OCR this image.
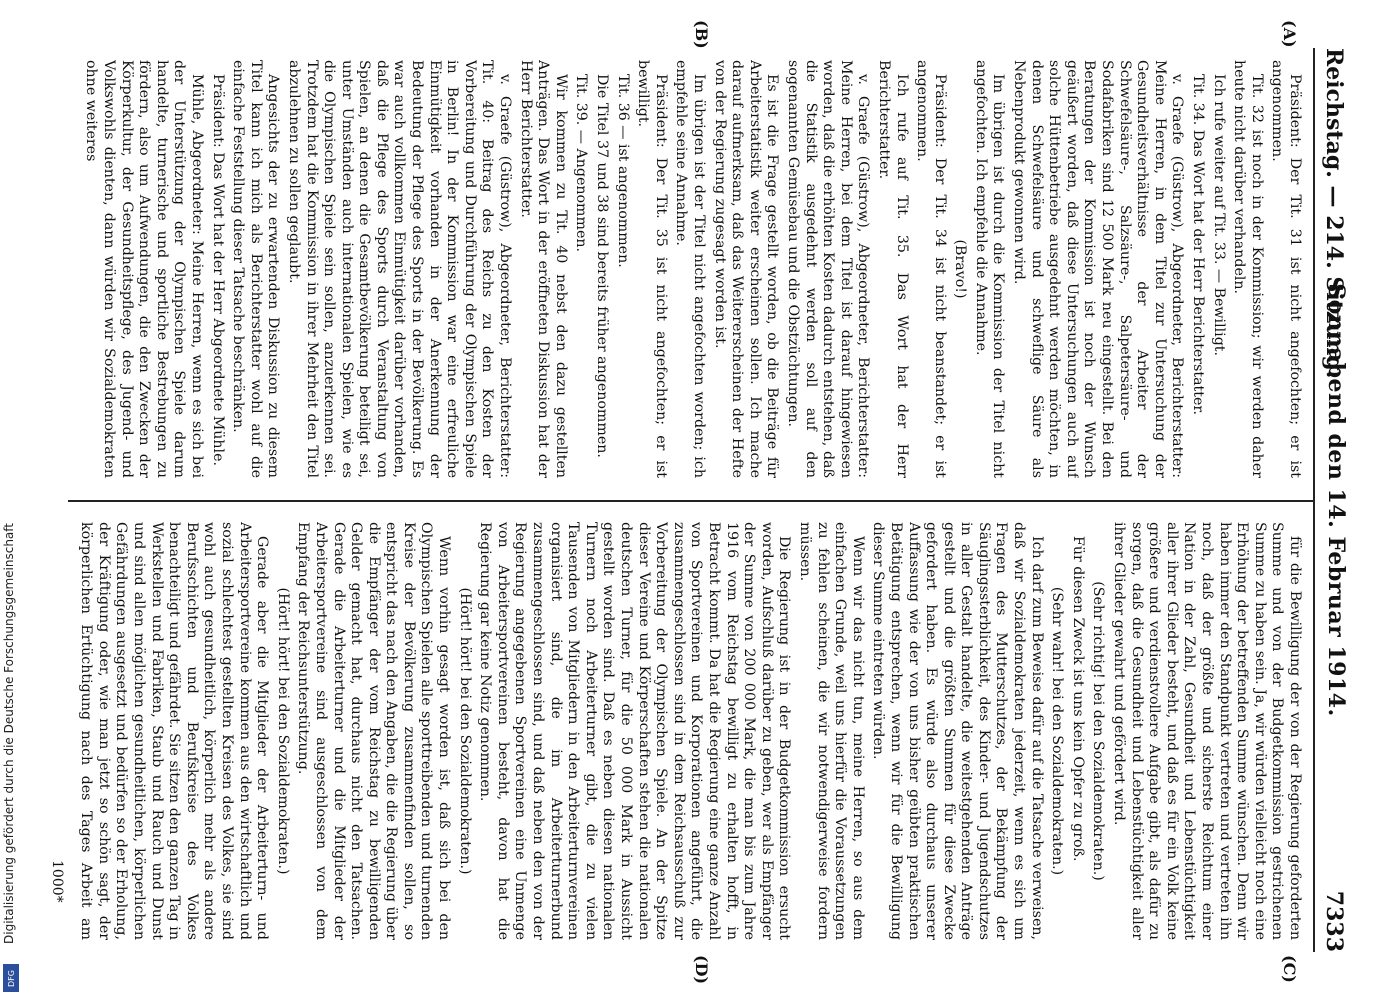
Reichstag. — 214. Sitzung.
Sonnabend den 14. Februar 1914.
7333
(A)
(B)
(C)
(D)

Präsident: Der Tit. 31 ist nicht angefochten; er ist angenommen.

Tit. 32 ist noch in der Kommission; wir werden daher heute nicht darüber verhandeln.

Ich rufe weiter auf Tit. 33. — Bewilligt.

Tit. 34. Das Wort hat der Herr Berichterstatter.

v. Graefe (Güstrow), Abgeordneter, Berichterstatter: Meine Herren, in dem Titel zur Untersuchung der Gesundheitsverhältnisse der Arbeiter der Schwefelsäure-, Salzsäure-, Salpetersäure- und Sodafabriken sind 12 500 Mark neu eingestellt. Bei den Beratungen der Kommission ist noch der Wunsch geäußert worden, daß diese Untersuchungen auch auf solche Hüttenbetriebe ausgedehnt werden möchten, in denen Schwefelsäure und schweflige Säure als Nebenprodukt gewonnen wird.

Im übrigen ist durch die Kommission der Titel nicht angefochten. Ich empfehle die Annahme.

(Bravo!)

Präsident: Der Tit. 34 ist nicht beanstandet; er ist angenommen.

Ich rufe auf Tit. 35. Das Wort hat der Herr Berichterstatter.

v. Graefe (Güstrow), Abgeordneter, Berichterstatter: Meine Herren, bei dem Titel ist darauf hingewiesen worden, daß die erhöhten Kosten dadurch entstehen, daß die Statistik ausgedehnt werden soll auf den sogenannten Gemüsebau und die Obstzüchtungen.

Es ist die Frage gestellt worden, ob die Beiträge für Arbeiterstatistik weiter erscheinen sollen. Ich mache darauf aufmerksam, daß das Weitererscheinen der Hefte von der Regierung zugesagt worden ist.

Im übrigen ist der Titel nicht angefochten worden; ich empfehle seine Annahme.

Präsident: Der Tit. 35 ist nicht angefochten; er ist bewilligt.

Tit. 36 — ist angenommen.

Die Titel 37 und 38 sind bereits früher angenommen.

Tit. 39. — Angenommen.

Wir kommen zu Tit. 40 nebst den dazu gestellten Anträgen. Das Wort in der eröffneten Diskussion hat der Herr Berichterstatter.

v. Graefe (Güstrow), Abgeordneter, Berichterstatter: Tit. 40: Beitrag des Reichs zu den Kosten der Vorbereitung und Durchführung der Olympischen Spiele in Berlin! In der Kommission war eine erfreuliche Einmütigkeit vorhanden in der Anerkennung der Bedeutung der Pflege des Sports in der Bevölkerung. Es war auch vollkommen Einmütigkeit darüber vorhanden, daß die Pflege des Sports durch Veranstaltung von Spielen, an denen die Gesamtbevölkerung beteiligt sei, unter Umständen auch internationalen Spielen, wie es die Olympischen Spiele sein sollen, anzuerkennen sei. Trotzdem hat die Kommission in ihrer Mehrheit den Titel abzulehnen zu sollen geglaubt.

Angesichts der zu erwartenden Diskussion zu diesem Titel kann ich mich als Berichterstatter wohl auf die einfache Feststellung dieser Tatsache beschränken.

Präsident: Das Wort hat der Herr Abgeordnete Mühle.

Mühle, Abgeordneter: Meine Herren, wenn es sich bei der Unterstützung der Olympischen Spiele darum handelte, turnerische und sportliche Bestrebungen zu fördern, also um Aufwendungen, die den Zwecken der Körperkultur, der Gesundheitspflege, des Jugend- und Volkswohls dienten, dann würden wir Sozialdemokraten ohne weiteres

für die Bewilligung der von der Regierung geforderten Summe und von der Budgetkommission gestrichenen Summe zu haben sein. Ja, wir würden vielleicht noch eine Erhöhung der betreffenden Summe wünschen. Denn wir haben immer den Standpunkt vertreten und vertreten ihn noch, daß der größte und sicherste Reichtum einer Nation in der Zahl, Gesundheit und Lebenstüchtigkeit aller ihrer Glieder besteht, und daß es für ein Volk keine größere und verdienstvollere Aufgabe gibt, als dafür zu sorgen, daß die Gesundheit und Lebenstüchtigkeit aller ihrer Glieder gewahrt und gefördert wird.

(Sehr richtig! bei den Sozialdemokraten.)

Für diesen Zweck ist uns kein Opfer zu groß.

(Sehr wahr! bei den Sozialdemokraten.)

Ich darf zum Beweise dafür auf die Tatsache verweisen, daß wir Sozialdemokraten jederzeit, wenn es sich um Fragen des Mutterschutzes, der Bekämpfung der Säuglingssterblichkeit, des Kinder- und Jugendschutzes in aller Gestalt handelte, die weitestgehenden Anträge gestellt und die größten Summen für diese Zwecke gefordert haben. Es würde also durchaus unserer Auffassung wie der von uns bisher geübten praktischen Betätigung entsprechen, wenn wir für die Bewilligung dieser Summe eintreten würden.

Wenn wir das nicht tun, meine Herren, so aus dem einfachen Grunde, weil uns hierfür die Voraussetzungen zu fehlen scheinen, die wir notwendigerweise fordern müssen.

Die Regierung ist in der Budgetkommission ersucht worden, Aufschluß darüber zu geben, wer als Empfänger der Summe von 200 000 Mark, die man bis zum Jahre 1916 vom Reichstag bewilligt zu erhalten hofft, in Betracht kommt. Da hat die Regierung eine ganze Anzahl von Sportvereinen und Korporationen angeführt, die zusammengeschlossen sind in dem Reichsausschuß zur Vorbereitung der Olympischen Spiele. An der Spitze dieser Vereine und Körperschaften stehen die nationalen deutschen Turner, für die 50 000 Mark in Aussicht gestellt worden sind. Daß es neben diesen nationalen Turnern noch Arbeiterturner gibt, die zu vielen Tausenden von Mitgliedern in den Arbeiterturnvereinen organisiert sind, die im Arbeiterturnerbund zusammengeschlossen sind, und daß neben den von der Regierung angegebenen Sportvereinen eine Unmenge von Arbeitersportvereinen besteht, davon hat die Regierung gar keine Notiz genommen.

(Hört! hört! bei den Sozialdemokraten.)

Wenn vorhin gesagt worden ist, daß sich bei den Olympischen Spielen alle sporttreibenden und turnenden Kreise der Bevölkerung zusammenfinden sollen, so entspricht das nach den Angaben, die die Regierung über die Empfänger der vom Reichstag zu bewilligenden Gelder gemacht hat, durchaus nicht den Tatsachen. Gerade die Arbeiterturner und die Mitglieder der Arbeitersportvereine sind ausgeschlossen von dem Empfang der Reichsunterstützung.

(Hört! hört! bei den Sozialdemokraten.)

Gerade aber die Mitglieder der Arbeiterturn- und Arbeitersportvereine kommen aus den wirtschaftlich und sozial schlechtest gestellten Kreisen des Volkes, sie sind wohl auch gesundheitlich, körperlich mehr als andere Berufsschichten und Berufskreise des Volkes benachteiligt und gefährdet. Sie sitzen den ganzen Tag in Werkstellen und Fabriken, Staub und Rauch und Dunst und sind allen möglichen gesundheitlichen, körperlichen Gefährdungen ausgesetzt und bedürfen so der Erholung, der Kräftigung oder, wie man jetzt so schön sagt, der körperlichen Ertüchtigung nach des Tages Arbeit am

1000*
Digitalisierung gefördert durch die Deutsche Forschungsgemeinschaft
DFG
